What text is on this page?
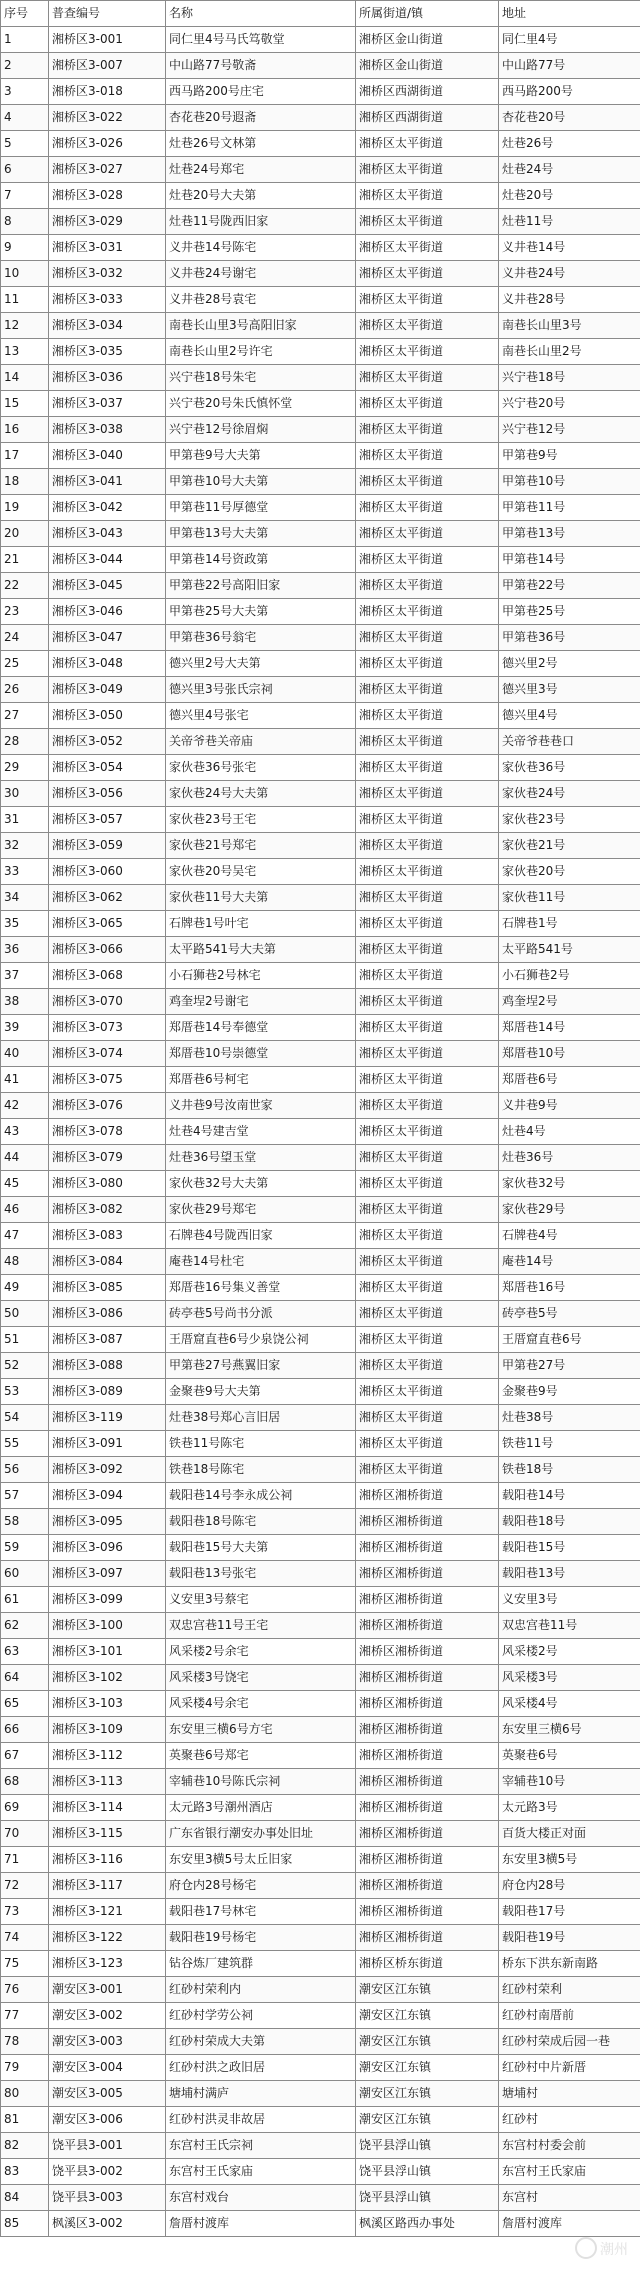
序号	普查编号	名称	所属街道/镇	地址
1	湘桥区3-001	同仁里4号马氏笃敬堂	湘桥区金山街道	同仁里4号
2	湘桥区3-007	中山路77号敬斋	湘桥区金山街道	中山路77号
3	湘桥区3-018	西马路200号庄宅	湘桥区西湖街道	西马路200号
4	湘桥区3-022	杏花巷20号遐斋	湘桥区西湖街道	杏花巷20号
5	湘桥区3-026	灶巷26号文林第	湘桥区太平街道	灶巷26号
6	湘桥区3-027	灶巷24号郑宅	湘桥区太平街道	灶巷24号
7	湘桥区3-028	灶巷20号大夫第	湘桥区太平街道	灶巷20号
8	湘桥区3-029	灶巷11号陇西旧家	湘桥区太平街道	灶巷11号
9	湘桥区3-031	义井巷14号陈宅	湘桥区太平街道	义井巷14号
10	湘桥区3-032	义井巷24号谢宅	湘桥区太平街道	义井巷24号
11	湘桥区3-033	义井巷28号袁宅	湘桥区太平街道	义井巷28号
12	湘桥区3-034	南巷长山里3号高阳旧家	湘桥区太平街道	南巷长山里3号
13	湘桥区3-035	南巷长山里2号许宅	湘桥区太平街道	南巷长山里2号
14	湘桥区3-036	兴宁巷18号朱宅	湘桥区太平街道	兴宁巷18号
15	湘桥区3-037	兴宁巷20号朱氏慎怀堂	湘桥区太平街道	兴宁巷20号
16	湘桥区3-038	兴宁巷12号徐眉焖	湘桥区太平街道	兴宁巷12号
17	湘桥区3-040	甲第巷9号大夫第	湘桥区太平街道	甲第巷9号
18	湘桥区3-041	甲第巷10号大夫第	湘桥区太平街道	甲第巷10号
19	湘桥区3-042	甲第巷11号厚德堂	湘桥区太平街道	甲第巷11号
20	湘桥区3-043	甲第巷13号大夫第	湘桥区太平街道	甲第巷13号
21	湘桥区3-044	甲第巷14号资政第	湘桥区太平街道	甲第巷14号
22	湘桥区3-045	甲第巷22号高阳旧家	湘桥区太平街道	甲第巷22号
23	湘桥区3-046	甲第巷25号大夫第	湘桥区太平街道	甲第巷25号
24	湘桥区3-047	甲第巷36号翁宅	湘桥区太平街道	甲第巷36号
25	湘桥区3-048	德兴里2号大夫第	湘桥区太平街道	德兴里2号
26	湘桥区3-049	德兴里3号张氏宗祠	湘桥区太平街道	德兴里3号
27	湘桥区3-050	德兴里4号张宅	湘桥区太平街道	德兴里4号
28	湘桥区3-052	关帝爷巷关帝庙	湘桥区太平街道	关帝爷巷巷口
29	湘桥区3-054	家伙巷36号张宅	湘桥区太平街道	家伙巷36号
30	湘桥区3-056	家伙巷24号大夫第	湘桥区太平街道	家伙巷24号
31	湘桥区3-057	家伙巷23号王宅	湘桥区太平街道	家伙巷23号
32	湘桥区3-059	家伙巷21号郑宅	湘桥区太平街道	家伙巷21号
33	湘桥区3-060	家伙巷20号吴宅	湘桥区太平街道	家伙巷20号
34	湘桥区3-062	家伙巷11号大夫第	湘桥区太平街道	家伙巷11号
35	湘桥区3-065	石牌巷1号叶宅	湘桥区太平街道	石牌巷1号
36	湘桥区3-066	太平路541号大夫第	湘桥区太平街道	太平路541号
37	湘桥区3-068	小石狮巷2号林宅	湘桥区太平街道	小石狮巷2号
38	湘桥区3-070	鸡奎埕2号谢宅	湘桥区太平街道	鸡奎埕2号
39	湘桥区3-073	郑厝巷14号奉德堂	湘桥区太平街道	郑厝巷14号
40	湘桥区3-074	郑厝巷10号崇德堂	湘桥区太平街道	郑厝巷10号
41	湘桥区3-075	郑厝巷6号柯宅	湘桥区太平街道	郑厝巷6号
42	湘桥区3-076	义井巷9号汝南世家	湘桥区太平街道	义井巷9号
43	湘桥区3-078	灶巷4号建吉堂	湘桥区太平街道	灶巷4号
44	湘桥区3-079	灶巷36号望玉堂	湘桥区太平街道	灶巷36号
45	湘桥区3-080	家伙巷32号大夫第	湘桥区太平街道	家伙巷32号
46	湘桥区3-082	家伙巷29号郑宅	湘桥区太平街道	家伙巷29号
47	湘桥区3-083	石牌巷4号陇西旧家	湘桥区太平街道	石牌巷4号
48	湘桥区3-084	庵巷14号杜宅	湘桥区太平街道	庵巷14号
49	湘桥区3-085	郑厝巷16号集义善堂	湘桥区太平街道	郑厝巷16号
50	湘桥区3-086	砖亭巷5号尚书分派	湘桥区太平街道	砖亭巷5号
51	湘桥区3-087	王厝窟直巷6号少泉饶公祠	湘桥区太平街道	王厝窟直巷6号
52	湘桥区3-088	甲第巷27号燕翼旧家	湘桥区太平街道	甲第巷27号
53	湘桥区3-089	金聚巷9号大夫第	湘桥区太平街道	金聚巷9号
54	湘桥区3-119	灶巷38号郑心言旧居	湘桥区太平街道	灶巷38号
55	湘桥区3-091	铁巷11号陈宅	湘桥区太平街道	铁巷11号
56	湘桥区3-092	铁巷18号陈宅	湘桥区太平街道	铁巷18号
57	湘桥区3-094	载阳巷14号李永成公祠	湘桥区湘桥街道	载阳巷14号
58	湘桥区3-095	载阳巷18号陈宅	湘桥区湘桥街道	载阳巷18号
59	湘桥区3-096	载阳巷15号大夫第	湘桥区湘桥街道	载阳巷15号
60	湘桥区3-097	载阳巷13号张宅	湘桥区湘桥街道	载阳巷13号
61	湘桥区3-099	义安里3号蔡宅	湘桥区湘桥街道	义安里3号
62	湘桥区3-100	双忠宫巷11号王宅	湘桥区湘桥街道	双忠宫巷11号
63	湘桥区3-101	风采楼2号余宅	湘桥区湘桥街道	风采楼2号
64	湘桥区3-102	风采楼3号饶宅	湘桥区湘桥街道	风采楼3号
65	湘桥区3-103	风采楼4号余宅	湘桥区湘桥街道	风采楼4号
66	湘桥区3-109	东安里三横6号方宅	湘桥区湘桥街道	东安里三横6号
67	湘桥区3-112	英聚巷6号郑宅	湘桥区湘桥街道	英聚巷6号
68	湘桥区3-113	宰辅巷10号陈氏宗祠	湘桥区湘桥街道	宰辅巷10号
69	湘桥区3-114	太元路3号潮州酒店	湘桥区湘桥街道	太元路3号
70	湘桥区3-115	广东省银行潮安办事处旧址	湘桥区湘桥街道	百货大楼正对面
71	湘桥区3-116	东安里3横5号太丘旧家	湘桥区湘桥街道	东安里3横5号
72	湘桥区3-117	府仓内28号杨宅	湘桥区湘桥街道	府仓内28号
73	湘桥区3-121	载阳巷17号林宅	湘桥区湘桥街道	载阳巷17号
74	湘桥区3-122	载阳巷19号杨宅	湘桥区湘桥街道	载阳巷19号
75	湘桥区3-123	钻谷炼厂建筑群	湘桥区桥东街道	桥东下洪东新南路
76	潮安区3-001	红砂村荣利内	潮安区江东镇	红砂村荣利
77	潮安区3-002	红砂村学劳公祠	潮安区江东镇	红砂村南厝前
78	潮安区3-003	红砂村荣成大夫第	潮安区江东镇	红砂村荣成后园一巷
79	潮安区3-004	红砂村洪之政旧居	潮安区江东镇	红砂村中片新厝
80	潮安区3-005	塘埔村满庐	潮安区江东镇	塘埔村
81	潮安区3-006	红砂村洪灵非故居	潮安区江东镇	红砂村
82	饶平县3-001	东宫村王氏宗祠	饶平县浮山镇	东宫村村委会前
83	饶平县3-002	东宫村王氏家庙	饶平县浮山镇	东宫村王氏家庙
84	饶平县3-003	东宫村戏台	饶平县浮山镇	东宫村
85	枫溪区3-002	詹厝村渡库	枫溪区路西办事处	詹厝村渡库
潮州
